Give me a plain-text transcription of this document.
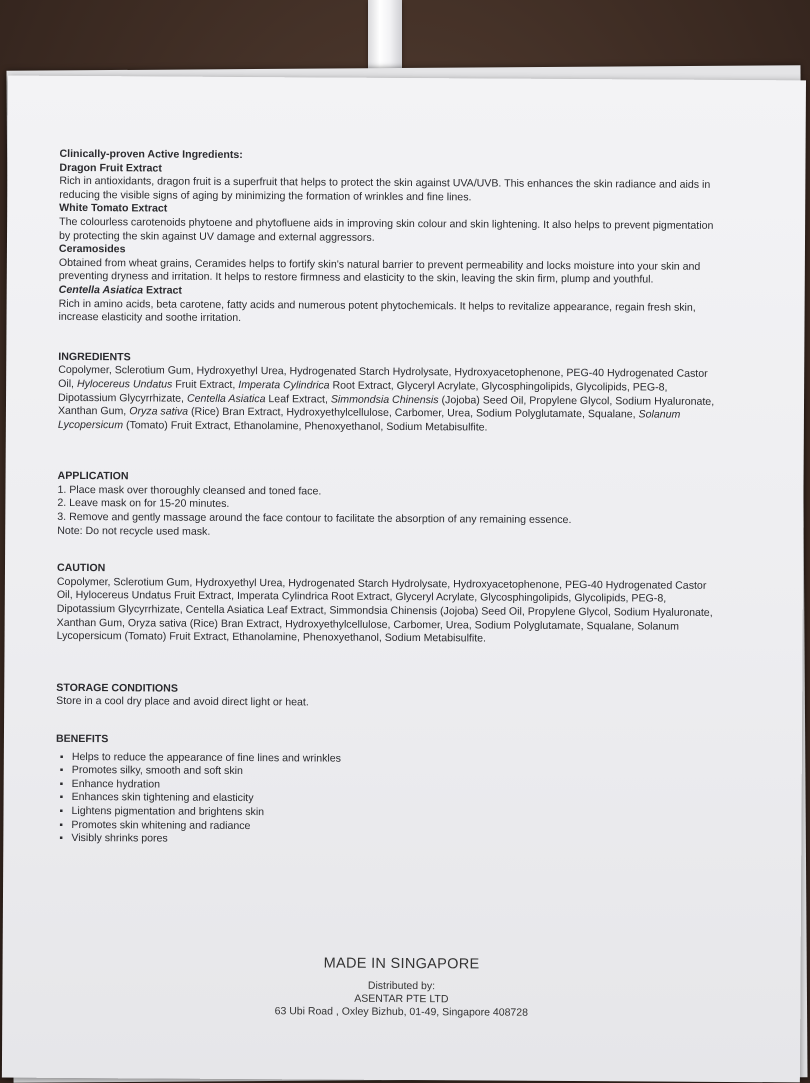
Clinically-proven Active Ingredients:

Dragon Fruit Extract

Rich in antioxidants, dragon fruit is a superfruit that helps to protect the skin against UVA/UVB. This enhances the skin radiance and aids in reducing the visible signs of aging by minimizing the formation of wrinkles and fine lines.

White Tomato Extract

The colourless carotenoids phytoene and phytofluene aids in improving skin colour and skin lightening. It also helps to prevent pigmentation by protecting the skin against UV damage and external aggressors.

Ceramosides

Obtained from wheat grains, Ceramides helps to fortify skin's natural barrier to prevent permeability and locks moisture into your skin and preventing dryness and irritation. It helps to restore firmness and elasticity to the skin, leaving the skin firm, plump and youthful.

Centella Asiatica Extract

Rich in amino acids, beta carotene, fatty acids and numerous potent phytochemicals. It helps to revitalize appearance, regain fresh skin, increase elasticity and soothe irritation.

INGREDIENTS

Copolymer, Sclerotium Gum, Hydroxyethyl Urea, Hydrogenated Starch Hydrolysate, Hydroxyacetophenone, PEG-40 Hydrogenated Castor Oil, Hylocereus Undatus Fruit Extract, Imperata Cylindrica Root Extract, Glyceryl Acrylate, Glycosphingolipids, Glycolipids, PEG-8, Dipotassium Glycyrrhizate, Centella Asiatica Leaf Extract, Simmondsia Chinensis (Jojoba) Seed Oil, Propylene Glycol, Sodium Hyaluronate, Xanthan Gum, Oryza sativa (Rice) Bran Extract, Hydroxyethylcellulose, Carbomer, Urea, Sodium Polyglutamate, Squalane, Solanum Lycopersicum (Tomato) Fruit Extract, Ethanolamine, Phenoxyethanol, Sodium Metabisulfite.

APPLICATION

1. Place mask over thoroughly cleansed and toned face.

2. Leave mask on for 15-20 minutes.

3. Remove and gently massage around the face contour to facilitate the absorption of any remaining essence.

Note: Do not recycle used mask.

CAUTION

Copolymer, Sclerotium Gum, Hydroxyethyl Urea, Hydrogenated Starch Hydrolysate, Hydroxyacetophenone, PEG-40 Hydrogenated Castor Oil, Hylocereus Undatus Fruit Extract, Imperata Cylindrica Root Extract, Glyceryl Acrylate, Glycosphingolipids, Glycolipids, PEG-8, Dipotassium Glycyrrhizate, Centella Asiatica Leaf Extract, Simmondsia Chinensis (Jojoba) Seed Oil, Propylene Glycol, Sodium Hyaluronate, Xanthan Gum, Oryza sativa (Rice) Bran Extract, Hydroxyethylcellulose, Carbomer, Urea, Sodium Polyglutamate, Squalane, Solanum Lycopersicum (Tomato) Fruit Extract, Ethanolamine, Phenoxyethanol, Sodium Metabisulfite.

STORAGE CONDITIONS

Store in a cool dry place and avoid direct light or heat.

BENEFITS

▪ Helps to reduce the appearance of fine lines and wrinkles
▪ Promotes silky, smooth and soft skin
▪ Enhance hydration
▪ Enhances skin tightening and elasticity
▪ Lightens pigmentation and brightens skin
▪ Promotes skin whitening and radiance
▪ Visibly shrinks pores
MADE IN SINGAPORE
Distributed by:
ASENTAR PTE LTD
63 Ubi Road , Oxley Bizhub, 01-49, Singapore 408728
